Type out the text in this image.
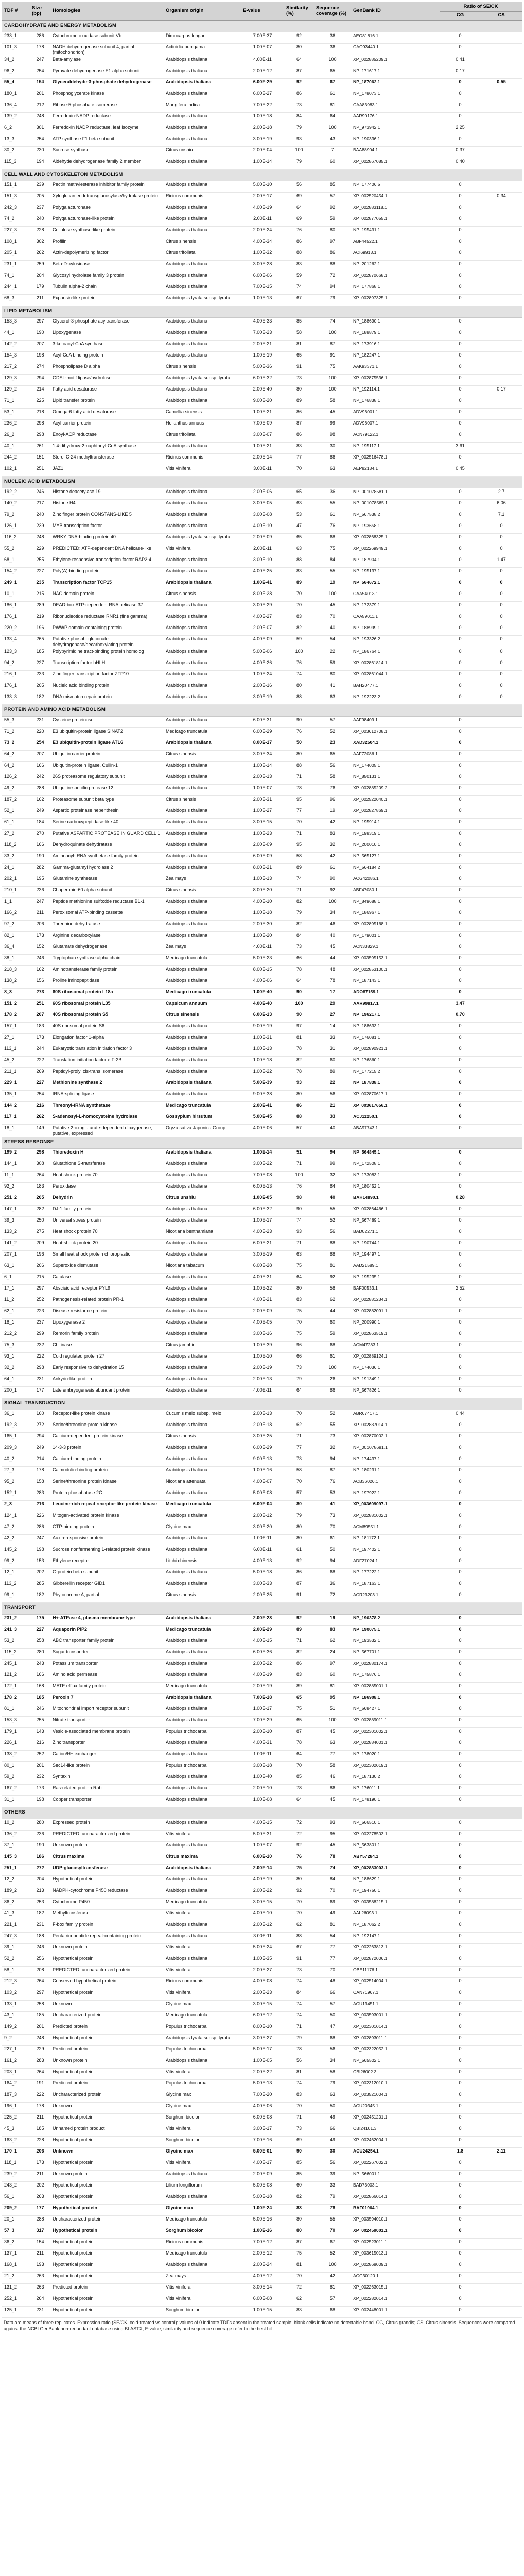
TDF #	Size (bp)	Homologies	Organism origin	E-value	Similarity (%)	Sequence coverage (%)	GenBank ID	Ratio of SE/CK	
								CG	CS
CARBOHYDRATE AND ENERGY METABOLISM									
233_1	286	Cytochrome c oxidase subunit Vb	Dimocarpus longan	7.00E-37	92	36	AEO81816.1	0	
101_3	178	NADH dehydrogenase subunit 4, partial (mitochondrion)	Actinidia pubigama	1.00E-07	80	36	CAO93440.1	0	
34_2	247	Beta-amylase	Arabidopsis thaliana	4.00E-11	64	100	XP_002885209.1	0.41	
96_2	254	Pyruvate dehydrogenase E1 alpha subunit	Arabidopsis thaliana	2.00E-12	87	65	NP_171617.1	0.17	
55_4	154	Glyceraldehyde-3-phosphate dehydrogenase	Arabidopsis thaliana	6.00E-29	92	67	NP_187062.1	0	0.55
180_1	201	Phosphoglycerate kinase	Arabidopsis thaliana	6.00E-27	86	61	NP_178073.1	0	
136_4	212	Ribose-5-phosphate isomerase	Mangifera indica	7.00E-22	73	81	CAA83983.1	0	
139_2	248	Ferredoxin-NADP reductase	Arabidopsis thaliana	1.00E-18	84	64	AAR90176.1	0	
6_2	301	Ferredoxin NADP reductase, leaf isozyme	Arabidopsis thaliana	2.00E-18	79	100	NP_973942.1	2.25	
13_3	254	ATP synthase F1 beta subunit	Arabidopsis thaliana	3.00E-19	93	43	NP_190336.1	0	
30_2	230	Sucrose synthase	Citrus unshiu	2.00E-04	100	7	BAA88904.1	0.37	
115_3	194	Aldehyde dehydrogenase family 2 member	Arabidopsis thaliana	1.00E-14	79	60	XP_002867085.1	0.40	
CELL WALL AND CYTOSKELETON METABOLISM									
151_1	239	Pectin methylesterase inhibitor family protein	Arabidopsis thaliana	5.00E-10	56	85	NP_177406.5	0	
151_3	205	Xyloglucan endotransglucosylase/hydrolase protein	Ricinus communis	2.00E-17	69	57	XP_002520454.1	0	0.34
242_3	237	Polygalacturonase	Arabidopsis thaliana	4.00E-19	64	92	XP_002883118.1	0	
74_2	240	Polygalacturonase-like protein	Arabidopsis thaliana	2.00E-11	69	59	XP_002877055.1	0	
227_3	228	Cellulose synthase-like protein	Arabidopsis thaliana	2.00E-24	76	80	NP_195431.1	0	
108_1	302	Profilin	Citrus sinensis	4.00E-34	86	97	ABF44522.1	0	
205_1	262	Actin-depolymerizing factor	Citrus trifoliata	1.00E-32	88	86	ACI69913.1	0	
231_1	259	Beta-D-xylosidase	Arabidopsis thaliana	3.00E-28	83	88	NP_201262.1	0	
74_1	204	Glycosyl hydrolase family 3 protein	Arabidopsis thaliana	6.00E-06	59	72	XP_002870668.1	0	
244_1	179	Tubulin alpha-2 chain	Arabidopsis thaliana	7.00E-15	74	94	NP_177868.1	0	
68_3	211	Expansin-like protein	Arabidopsis lyrata subsp. lyrata	1.00E-13	67	79	XP_002897325.1	0	
LIPID METABOLISM									
153_3	297	Glycerol-3-phosphate acyltransferase	Arabidopsis thaliana	4.00E-33	85	74	NP_188690.1	0	
44_1	190	Lipoxygenase	Arabidopsis thaliana	7.00E-23	58	100	NP_188879.1	0	
142_2	207	3-ketoacyl-CoA synthase	Arabidopsis thaliana	2.00E-21	81	87	NP_173916.1	0	
154_3	198	Acyl-CoA binding protein	Arabidopsis thaliana	1.00E-19	65	91	NP_182247.1	0	
217_2	274	Phospholipase D alpha	Citrus sinensis	5.00E-36	91	75	AAK93371.1	0	
129_3	294	GDSL-motif lipase/hydrolase	Arabidopsis lyrata subsp. lyrata	6.00E-32	73	100	XP_002875536.1	0	
129_2	214	Fatty acid desaturase	Arabidopsis thaliana	2.00E-40	80	100	NP_192114.1	0	0.17
71_1	225	Lipid transfer protein	Arabidopsis thaliana	9.00E-20	89	58	NP_176838.1	0	
53_1	218	Omega-6 fatty acid desaturase	Camellia sinensis	1.00E-21	86	45	ADV96001.1	0	
236_2	298	Acyl carrier protein	Helianthus annuus	7.00E-09	87	99	ADV96007.1	0	
26_2	298	Enoyl-ACP reductase	Citrus trifoliata	3.00E-07	86	98	ACN79122.1	0	
40_1	261	1,4-dihydroxy-2-naphthoyl-CoA synthase	Arabidopsis thaliana	1.00E-21	83	30	NP_195117.1	3.61	
244_2	151	Sterol C-24 methyltransferase	Ricinus communis	2.00E-14	77	86	XP_002516478.1	0	
102_1	251	JAZ1	Vitis vinifera	3.00E-11	70	63	AEP82134.1	0.45	
NUCLEIC ACID METABOLISM									
192_2	246	Histone deacetylase 19	Arabidopsis thaliana	2.00E-06	65	36	NP_001078581.1	0	2.7
140_2	217	Histone H4	Arabidopsis thaliana	3.00E-05	63	55	NP_001078565.1	0	6.06
79_2	240	Zinc finger protein CONSTANS-LIKE 5	Arabidopsis thaliana	3.00E-08	53	61	NP_567538.2	0	7.1
126_1	239	MYB transcription factor	Arabidopsis thaliana	4.00E-10	47	76	NP_193658.1	0	0
116_2	248	WRKY DNA-binding protein 40	Arabidopsis lyrata subsp. lyrata	2.00E-09	65	68	XP_002868325.1	0	0
55_2	229	PREDICTED: ATP-dependent DNA helicase-like	Vitis vinifera	2.00E-11	63	75	XP_002269949.1	0	0
68_1	255	Ethylene-responsive transcription factor RAP2-4	Arabidopsis thaliana	3.00E-10	88	84	NP_187904.1	0	1.47
154_2	227	Poly(A)-binding protein	Arabidopsis thaliana	4.00E-25	83	55	NP_195137.1	0	0
249_1	235	Transcription factor TCP15	Arabidopsis thaliana	1.00E-41	89	19	NP_564672.1	0	0
10_1	215	NAC domain protein	Citrus sinensis	8.00E-28	70	100	CAA54013.1	0	0
186_1	289	DEAD-box ATP-dependent RNA helicase 37	Arabidopsis thaliana	3.00E-29	70	45	NP_172379.1	0	0
176_1	219	Ribonucleotide reductase RNR1 (fine gamma)	Arabidopsis thaliana	4.00E-27	83	70	CAA59011.1	0	0
220_2	196	PWWP domain-containing protein	Arabidopsis thaliana	2.00E-07	82	40	NP_188999.1	0	0
133_4	265	Putative phosphogluconate dehydrogenase/decarboxylating protein	Arabidopsis thaliana	4.00E-09	59	54	NP_193326.2	0	0
123_3	185	Polypyrimidine tract-binding protein homolog	Arabidopsis thaliana	5.00E-06	100	22	NP_186764.1	0	0
94_2	227	Transcription factor bHLH	Arabidopsis thaliana	4.00E-26	76	59	XP_002861814.1	0	0
216_1	233	Zinc finger transcription factor ZFP10	Arabidopsis thaliana	1.00E-24	74	80	XP_002861044.1	0	0
176_1	205	Nucleic acid binding protein	Arabidopsis thaliana	2.00E-16	80	41	BAH20477.1	0	0
133_3	182	DNA mismatch repair protein	Arabidopsis thaliana	3.00E-19	88	63	NP_192223.2	0	0
PROTEIN AND AMINO ACID METABOLISM									
55_3	231	Cysteine proteinase	Arabidopsis thaliana	6.00E-31	90	57	AAF98409.1	0	
71_2	220	E3 ubiquitin-protein ligase SINAT2	Medicago truncatula	6.00E-29	76	52	XP_003612708.1	0	
73_2	254	E3 ubiquitin-protein ligase ATL6	Arabidopsis thaliana	8.00E-17	50	23	XAD32504.1	0	
64_2	207	Ubiquitin carrier protein	Citrus sinensis	3.00E-34	80	65	AAF72086.1	0	
64_2	166	Ubiquitin-protein ligase, Cullin-1	Arabidopsis thaliana	1.00E-14	88	56	NP_174005.1	0	
126_2	242	26S proteasome regulatory subunit	Arabidopsis thaliana	2.00E-13	71	58	NP_850131.1	0	
49_2	288	Ubiquitin-specific protease 12	Arabidopsis thaliana	1.00E-07	78	76	XP_002885209.2	0	
187_2	162	Proteasome subunit beta type	Citrus sinensis	2.00E-31	95	96	XP_002522040.1	0	
52_1	249	Aspartic proteinase nepenthesin	Arabidopsis thaliana	1.00E-27	77	19	XP_002827869.1	0	
61_1	184	Serine carboxypeptidase-like 40	Arabidopsis thaliana	3.00E-15	70	42	NP_195914.1	0	
27_2	270	Putative ASPARTIC PROTEASE IN GUARD CELL 1	Arabidopsis thaliana	1.00E-23	71	83	NP_198319.1	0	
118_2	166	Dehydroquinate dehydratase	Arabidopsis thaliana	2.00E-09	95	32	NP_200010.1	0	
33_2	190	Aminoacyl-tRNA synthetase family protein	Arabidopsis thaliana	6.00E-09	58	42	NP_565127.1	0	
24_1	282	Gamma-glutamyl hydrolase 2	Arabidopsis thaliana	8.00E-21	89	61	NP_564184.2	0	
202_1	195	Glutamine synthetase	Zea mays	1.00E-13	74	90	ACG42086.1	0	
210_1	236	Chaperonin-60 alpha subunit	Citrus sinensis	8.00E-20	71	92	ABF47080.1	0	
1_1	247	Peptide methionine sulfoxide reductase B1-1	Arabidopsis thaliana	4.00E-10	82	100	NP_849688.1	0	
166_2	211	Peroxisomal ATP-binding cassette	Arabidopsis thaliana	1.00E-18	79	34	NP_186967.1	0	
97_2	206	Threonine dehydratase	Arabidopsis thaliana	2.00E-30	82	46	XP_002895168.1	0	
82_1	173	Arginine decarboxylase	Arabidopsis thaliana	1.00E-20	84	40	NP_179001.1	0	
36_4	152	Glutamate dehydrogenase	Zea mays	4.00E-11	73	45	ACN33829.1	0	
38_1	246	Tryptophan synthase alpha chain	Medicago truncatula	5.00E-23	66	44	XP_003595153.1	0	
218_3	162	Aminotransferase family protein	Arabidopsis thaliana	8.00E-15	78	48	XP_002853100.1	0	
138_2	156	Proline iminopeptidase	Arabidopsis thaliana	4.00E-06	64	78	NP_187143.1	0	
8_3	273	60S ribosomal protein L18a	Medicago truncatula	1.00E-40	90	17	ADO87159.1	0	
151_2	251	60S ribosomal protein L35	Capsicum annuum	4.00E-40	100	29	AAR99817.1	3.47	
178_2	207	40S ribosomal protein S5	Citrus sinensis	6.00E-13	90	27	NP_196217.1	0.70	
157_1	183	40S ribosomal protein S6	Arabidopsis thaliana	9.00E-19	97	14	NP_188633.1	0	
27_1	173	Elongation factor 1-alpha	Arabidopsis thaliana	1.00E-31	81	33	NP_176081.1	0	
113_1	244	Eukaryotic translation initiation factor 3	Arabidopsis thaliana	1.00E-13	78	31	XP_002890921.1	0	
45_2	222	Translation initiation factor eIF-2B	Arabidopsis thaliana	1.00E-18	82	60	NP_176860.1	0	
211_1	269	Peptidyl-prolyl cis-trans isomerase	Arabidopsis thaliana	1.00E-22	78	89	NP_177215.2	0	
229_1	227	Methionine synthase 2	Arabidopsis thaliana	5.00E-39	93	22	NP_187838.1	0	
135_1	254	tRNA-splicing ligase	Arabidopsis thaliana	9.00E-38	80	56	XP_002870617.1	0	
144_2	216	Threonyl-tRNA synthetase	Medicago truncatula	2.00E-41	86	21	XP_003617656.1	0	
117_1	262	S-adenosyl-L-homocysteine hydrolase	Gossypium hirsutum	5.00E-45	88	33	ACJ11250.1	0	
18_1	149	Putative 2-oxoglutarate-dependent dioxygenase, putative, expressed	Oryza sativa Japonica Group	4.00E-06	57	40	ABA97743.1	0	
STRESS RESPONSE									
199_2	298	Thioredoxin H	Arabidopsis thaliana	1.00E-14	51	94	NP_564845.1	0	
144_1	308	Glutathione S-transferase	Arabidopsis thaliana	3.00E-22	71	99	NP_172508.1	0	
11_1	264	Heat shock protein 70	Arabidopsis thaliana	7.00E-08	100	32	NP_173083.1	0	
92_2	183	Peroxidase	Arabidopsis thaliana	6.00E-13	76	84	NP_180452.1	0	
251_2	205	Dehydrin	Citrus unshiu	1.00E-05	98	40	BAH14890.1	0.28	
147_1	282	DJ-1 family protein	Arabidopsis thaliana	6.00E-32	90	55	XP_002864466.1	0	
39_3	250	Universal stress protein	Arabidopsis thaliana	1.00E-17	74	52	NP_567489.1	0	
133_2	275	Heat shock protein 70	Nicotiana benthamiana	4.00E-23	93	56	BAD02271.1	0	
141_2	209	Heat-shock protein 20	Arabidopsis thaliana	6.00E-21	71	88	NP_190744.1	0	
207_1	196	Small heat shock protein chloroplastic	Arabidopsis thaliana	3.00E-19	63	88	NP_194497.1	0	
63_1	206	Superoxide dismutase	Nicotiana tabacum	6.00E-28	75	81	AAD21589.1	0	
6_1	215	Catalase	Arabidopsis thaliana	4.00E-31	64	92	NP_195235.1	0	
17_1	297	Abscisic acid receptor PYL9	Arabidopsis thaliana	1.00E-22	80	58	BAF00533.1	2.52	
11_2	252	Pathogenesis-related protein PR-1	Arabidopsis thaliana	4.00E-21	83	62	XP_002881234.1	0	
62_1	223	Disease resistance protein	Arabidopsis thaliana	2.00E-09	75	44	XP_002882091.1	0	
18_1	237	Lipoxygenase 2	Arabidopsis thaliana	4.00E-05	70	60	NP_200990.1	0	
212_2	299	Remorin family protein	Arabidopsis thaliana	3.00E-16	75	59	XP_002863519.1	0	
75_3	232	Chitinase	Citrus jambhiri	1.00E-39	96	68	ACM47283.1	0	
93_1	222	Cold regulated protein 27	Arabidopsis thaliana	1.00E-10	66	61	XP_002889124.1	0	
32_2	298	Early responsive to dehydration 15	Arabidopsis thaliana	2.00E-19	73	100	NP_174036.1	0	
64_1	231	Ankyrin-like protein	Arabidopsis thaliana	2.00E-13	79	26	NP_191349.1	0	
200_1	177	Late embryogenesis abundant protein	Arabidopsis thaliana	4.00E-11	64	86	NP_567826.1	0	
SIGNAL TRANSDUCTION									
36_1	160	Receptor-like protein kinase	Cucumis melo subsp. melo	2.00E-13	70	52	ABR67417.1	0.44	
192_3	272	Serine/threonine-protein kinase	Arabidopsis thaliana	2.00E-18	62	55	XP_002887014.1	0	
165_1	294	Calcium-dependent protein kinase	Citrus sinensis	3.00E-25	71	73	XP_002870002.1	0	
209_3	249	14-3-3 protein	Arabidopsis thaliana	6.00E-29	77	32	NP_001078681.1	0	
40_2	214	Calcium-binding protein	Arabidopsis thaliana	9.00E-13	73	94	NP_174437.1	0	
27_3	178	Calmodulin-binding protein	Arabidopsis thaliana	1.00E-16	58	87	NP_180231.1	0	
95_2	158	Serine/threonine protein kinase	Nicotiana attenuata	4.00E-07	70	76	ACB36026.1	0	
152_1	283	Protein phosphatase 2C	Arabidopsis thaliana	5.00E-08	57	53	NP_197922.1	0	
2_3	216	Leucine-rich repeat receptor-like protein kinase	Medicago truncatula	6.00E-04	80	41	XP_003609097.1	0	
124_1	226	Mitogen-activated protein kinase	Arabidopsis thaliana	2.00E-12	79	73	XP_002881002.1	0	
47_2	286	GTP-binding protein	Glycine max	3.00E-20	80	70	ACM89551.1	0	
42_2	247	Auxin-responsive protein	Arabidopsis thaliana	1.00E-11	80	61	NP_181172.1	0	
145_2	198	Sucrose nonfermenting 1-related protein kinase	Arabidopsis thaliana	6.00E-11	61	50	NP_197402.1	0	
99_2	153	Ethylene receptor	Litchi chinensis	4.00E-13	92	94	ADF27024.1	0	
12_1	202	G-protein beta subunit	Arabidopsis thaliana	5.00E-18	86	68	NP_177222.1	0	
113_2	285	Gibberellin receptor GID1	Arabidopsis thaliana	3.00E-33	87	36	NP_187163.1	0	
99_1	182	Phytochrome A, partial	Citrus sinensis	2.00E-25	91	72	ACR23203.1	0	
TRANSPORT									
231_2	175	H+-ATPase 4, plasma membrane-type	Arabidopsis thaliana	2.00E-23	92	19	NP_190378.2	0	
241_3	227	Aquaporin PIP2	Medicago truncatula	2.00E-29	89	83	NP_190075.1	0	
53_2	258	ABC transporter family protein	Arabidopsis thaliana	4.00E-15	71	62	NP_193532.1	0	
115_2	280	Sugar transporter	Arabidopsis thaliana	6.00E-36	82	24	NP_567701.1	0	
245_1	243	Potassium transporter	Arabidopsis thaliana	2.00E-22	86	97	XP_002880174.1	0	
121_2	166	Amino acid permease	Arabidopsis thaliana	4.00E-19	83	60	NP_175876.1	0	
172_1	168	MATE efflux family protein	Medicago truncatula	2.00E-19	89	81	XP_002885001.1	0	
178_2	185	Peroxin 7	Arabidopsis thaliana	7.00E-18	65	95	NP_186908.1	0	
81_1	246	Mitochondrial import receptor subunit	Arabidopsis thaliana	1.00E-17	75	51	NP_568427.1	0	
153_3	255	Nitrate transporter	Arabidopsis thaliana	7.00E-29	65	100	XP_002889011.1	0	
179_1	143	Vesicle-associated membrane protein	Populus trichocarpa	2.00E-10	87	45	XP_002301002.1	0	
226_1	216	Zinc transporter	Arabidopsis thaliana	4.00E-31	78	63	XP_002884001.1	0	
138_2	252	Cation/H+ exchanger	Arabidopsis thaliana	1.00E-11	64	77	NP_178020.1	0	
80_1	201	Sec14-like protein	Populus trichocarpa	3.00E-18	70	58	XP_002302019.1	0	
59_2	232	Syntaxin	Arabidopsis thaliana	1.00E-40	85	46	NP_187130.2	0	
167_2	173	Ras-related protein Rab	Arabidopsis thaliana	2.00E-10	78	86	NP_176011.1	0	
31_1	198	Copper transporter	Arabidopsis thaliana	1.00E-08	64	45	NP_178190.1	0	
OTHERS									
10_2	280	Expressed protein	Arabidopsis thaliana	4.00E-15	72	93	NP_566510.1	0	
136_2	236	PREDICTED: uncharacterized protein	Vitis vinifera	5.00E-31	72	95	XP_002278503.1	0	
37_1	190	Unknown protein	Arabidopsis thaliana	1.00E-07	92	45	NP_563801.1	0	
145_3	186	Citrus maxima	Citrus maxima	6.00E-10	76	78	ABY57284.1	0	
251_1	272	UDP-glucosyltransferase	Arabidopsis thaliana	2.00E-14	75	74	XP_002883003.1	0	
12_2	204	Hypothetical protein	Arabidopsis thaliana	4.00E-19	80	84	NP_188629.1	0	
189_2	213	NADPH-cytochrome P450 reductase	Arabidopsis thaliana	2.00E-22	92	70	NP_194750.1	0	
86_2	253	Cytochrome P450	Medicago truncatula	3.00E-15	70	69	XP_003588215.1	0	
41_3	182	Methyltransferase	Vitis vinifera	4.00E-10	70	49	AAL26093.1	0	
221_1	231	F-box family protein	Arabidopsis thaliana	2.00E-12	62	81	NP_187062.2	0	
247_3	188	Pentatricopeptide repeat-containing protein	Arabidopsis thaliana	3.00E-11	88	54	NP_192147.1	0	
39_1	246	Unknown protein	Vitis vinifera	5.00E-24	67	77	XP_002263813.1	0	
52_2	256	Hypothetical protein	Arabidopsis thaliana	1.00E-35	91	77	XP_002872006.1	0	
58_1	208	PREDICTED: uncharacterized protein	Vitis vinifera	2.00E-27	73	70	OBE11176.1	0	
212_3	264	Conserved hypothetical protein	Ricinus communis	4.00E-08	74	48	XP_002514004.1	0	
103_2	297	Hypothetical protein	Vitis vinifera	2.00E-23	84	66	CAN71967.1	0	
133_1	258	Unknown	Glycine max	3.00E-15	74	57	ACU13451.1	0	
43_1	185	Uncharacterized protein	Medicago truncatula	6.00E-12	74	50	XP_003593001.1	0	
149_2	201	Predicted protein	Populus trichocarpa	8.00E-10	71	47	XP_002301014.1	0	
9_2	248	Hypothetical protein	Arabidopsis lyrata subsp. lyrata	3.00E-27	79	68	XP_002893011.1	0	
227_1	229	Predicted protein	Populus trichocarpa	5.00E-17	78	56	XP_002322052.1	0	
161_2	283	Unknown protein	Arabidopsis thaliana	1.00E-05	56	34	NP_565502.1	0	
203_1	264	Hypothetical protein	Vitis vinifera	2.00E-22	81	58	CBI26002.3	0	
164_2	191	Predicted protein	Populus trichocarpa	5.00E-13	74	79	XP_002312010.1	0	
187_3	222	Uncharacterized protein	Glycine max	7.00E-20	83	63	XP_003521004.1	0	
196_1	178	Unknown	Glycine max	4.00E-06	70	50	ACU20345.1	0	
225_2	211	Hypothetical protein	Sorghum bicolor	6.00E-08	71	49	XP_002451201.1	0	
45_3	185	Unnamed protein product	Vitis vinifera	3.00E-17	73	66	CBI24101.3	0	
163_2	228	Hypothetical protein	Sorghum bicolor	7.00E-16	69	49	XP_002462004.1	0	
170_1	206	Unknown	Glycine max	5.00E-01	90	30	ACU24254.1	1.8	2.11
118_1	173	Hypothetical protein	Vitis vinifera	4.00E-17	85	56	XP_002267002.1	0	
239_2	211	Unknown protein	Arabidopsis thaliana	2.00E-09	85	39	NP_566001.1	0	
243_2	202	Hypothetical protein	Lilium longiflorum	5.00E-08	60	33	BAD73003.1	0	
56_1	263	Hypothetical protein	Arabidopsis thaliana	5.00E-18	82	79	XP_002866014.1	0	
209_2	177	Hypothetical protein	Glycine max	1.00E-24	83	78	BAF01964.1	0	
20_1	288	Uncharacterized protein	Medicago truncatula	5.00E-16	80	55	XP_003594010.1	0	
57_3	317	Hypothetical protein	Sorghum bicolor	1.00E-16	80	70	XP_002459001.1	0	
36_2	154	Hypothetical protein	Ricinus communis	7.00E-12	87	67	XP_002523011.1	0	
137_1	211	Hypothetical protein	Medicago truncatula	2.00E-12	75	52	XP_003615013.1	0	
168_1	193	Hypothetical protein	Arabidopsis thaliana	2.00E-24	81	100	XP_002868009.1	0	
21_2	263	Hypothetical protein	Zea mays	4.00E-12	70	42	ACG30120.1	0	
131_2	263	Predicted protein	Vitis vinifera	3.00E-14	72	81	XP_002263015.1	0	
252_1	264	Hypothetical protein	Vitis vinifera	6.00E-08	62	57	XP_002282014.1	0	
125_1	231	Hypothetical protein	Sorghum bicolor	1.00E-15	83	68	XP_002448001.1	0	
Data are means of three replicates. Expression ratio (SE/CK, cold-treated vs control): values of 0 indicate TDFs absent in the treated sample; blank cells indicate no detectable band. CG, Citrus grandis; CS, Citrus sinensis. Sequences were compared against the NCBI GenBank non-redundant database using BLASTX; E-value, similarity and sequence coverage refer to the best hit.
